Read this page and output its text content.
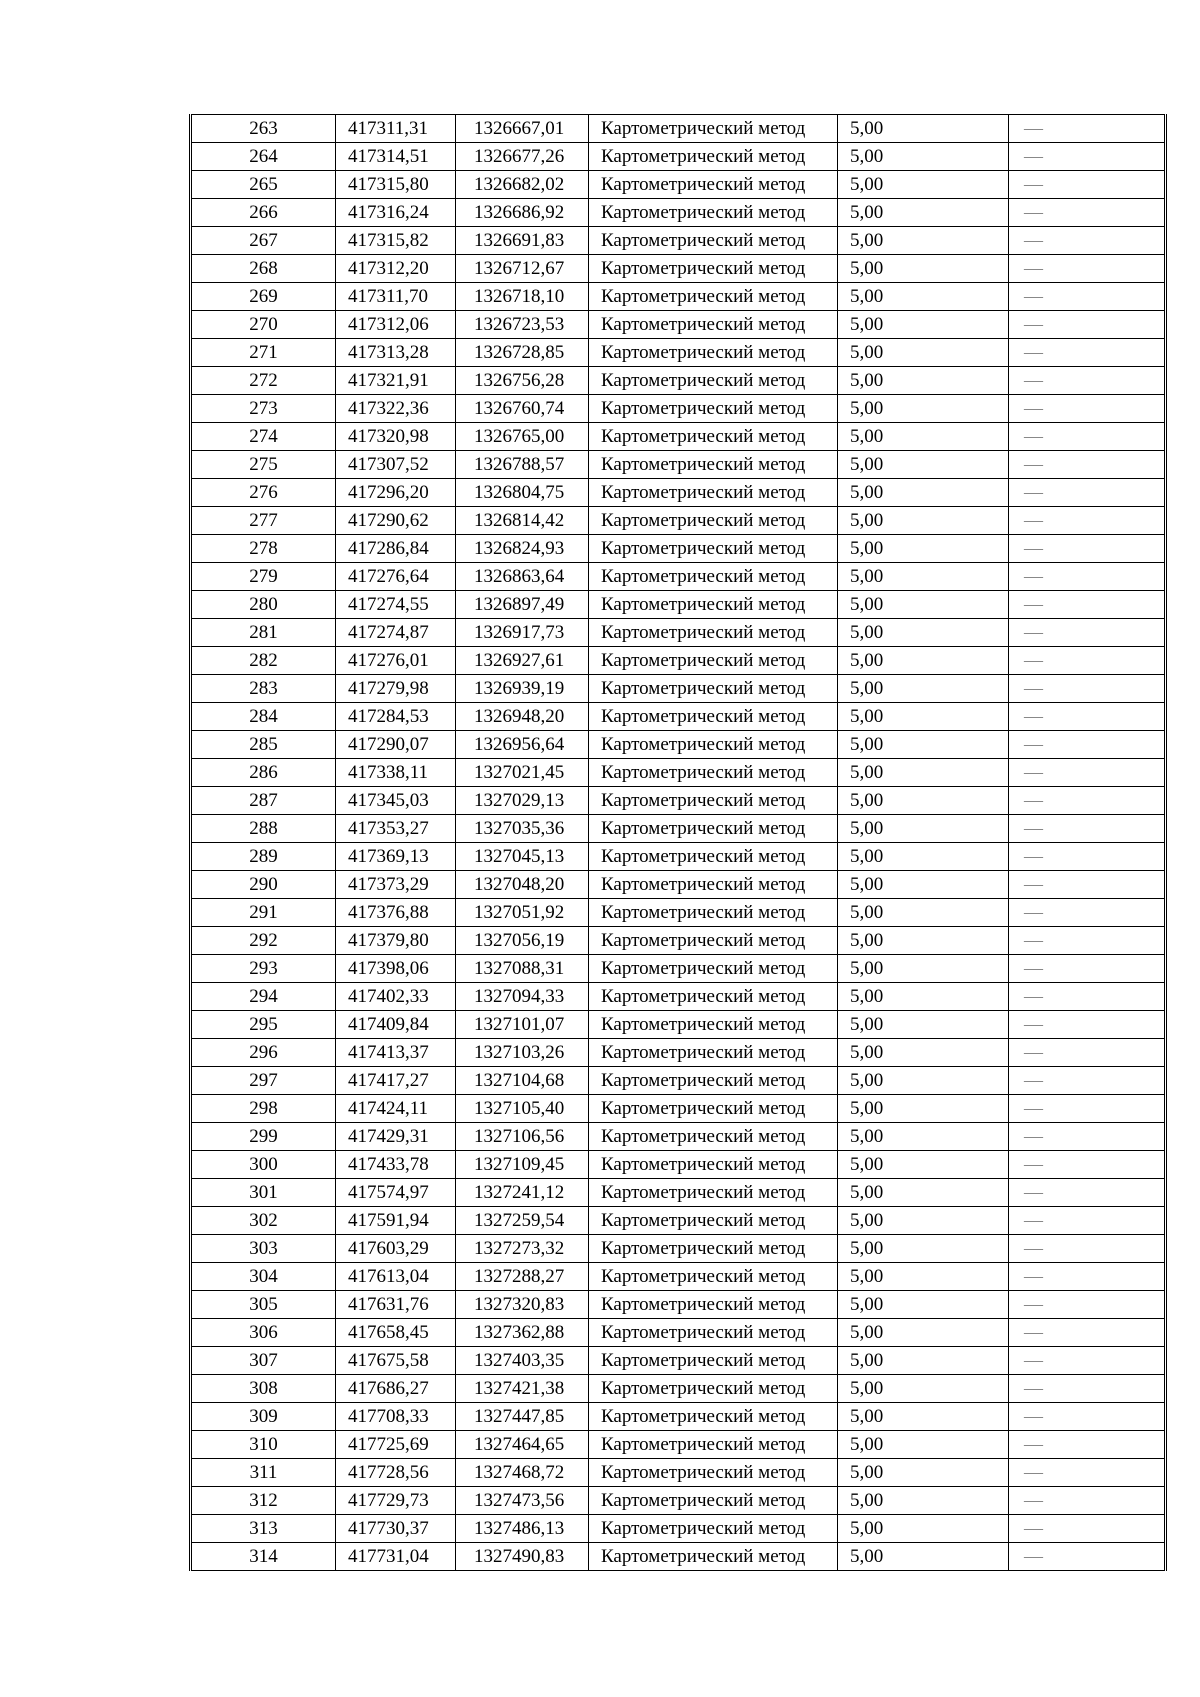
263	417311,31	1326667,01	Картометрический метод	5,00	—
264	417314,51	1326677,26	Картометрический метод	5,00	—
265	417315,80	1326682,02	Картометрический метод	5,00	—
266	417316,24	1326686,92	Картометрический метод	5,00	—
267	417315,82	1326691,83	Картометрический метод	5,00	—
268	417312,20	1326712,67	Картометрический метод	5,00	—
269	417311,70	1326718,10	Картометрический метод	5,00	—
270	417312,06	1326723,53	Картометрический метод	5,00	—
271	417313,28	1326728,85	Картометрический метод	5,00	—
272	417321,91	1326756,28	Картометрический метод	5,00	—
273	417322,36	1326760,74	Картометрический метод	5,00	—
274	417320,98	1326765,00	Картометрический метод	5,00	—
275	417307,52	1326788,57	Картометрический метод	5,00	—
276	417296,20	1326804,75	Картометрический метод	5,00	—
277	417290,62	1326814,42	Картометрический метод	5,00	—
278	417286,84	1326824,93	Картометрический метод	5,00	—
279	417276,64	1326863,64	Картометрический метод	5,00	—
280	417274,55	1326897,49	Картометрический метод	5,00	—
281	417274,87	1326917,73	Картометрический метод	5,00	—
282	417276,01	1326927,61	Картометрический метод	5,00	—
283	417279,98	1326939,19	Картометрический метод	5,00	—
284	417284,53	1326948,20	Картометрический метод	5,00	—
285	417290,07	1326956,64	Картометрический метод	5,00	—
286	417338,11	1327021,45	Картометрический метод	5,00	—
287	417345,03	1327029,13	Картометрический метод	5,00	—
288	417353,27	1327035,36	Картометрический метод	5,00	—
289	417369,13	1327045,13	Картометрический метод	5,00	—
290	417373,29	1327048,20	Картометрический метод	5,00	—
291	417376,88	1327051,92	Картометрический метод	5,00	—
292	417379,80	1327056,19	Картометрический метод	5,00	—
293	417398,06	1327088,31	Картометрический метод	5,00	—
294	417402,33	1327094,33	Картометрический метод	5,00	—
295	417409,84	1327101,07	Картометрический метод	5,00	—
296	417413,37	1327103,26	Картометрический метод	5,00	—
297	417417,27	1327104,68	Картометрический метод	5,00	—
298	417424,11	1327105,40	Картометрический метод	5,00	—
299	417429,31	1327106,56	Картометрический метод	5,00	—
300	417433,78	1327109,45	Картометрический метод	5,00	—
301	417574,97	1327241,12	Картометрический метод	5,00	—
302	417591,94	1327259,54	Картометрический метод	5,00	—
303	417603,29	1327273,32	Картометрический метод	5,00	—
304	417613,04	1327288,27	Картометрический метод	5,00	—
305	417631,76	1327320,83	Картометрический метод	5,00	—
306	417658,45	1327362,88	Картометрический метод	5,00	—
307	417675,58	1327403,35	Картометрический метод	5,00	—
308	417686,27	1327421,38	Картометрический метод	5,00	—
309	417708,33	1327447,85	Картометрический метод	5,00	—
310	417725,69	1327464,65	Картометрический метод	5,00	—
311	417728,56	1327468,72	Картометрический метод	5,00	—
312	417729,73	1327473,56	Картометрический метод	5,00	—
313	417730,37	1327486,13	Картометрический метод	5,00	—
314	417731,04	1327490,83	Картометрический метод	5,00	—
